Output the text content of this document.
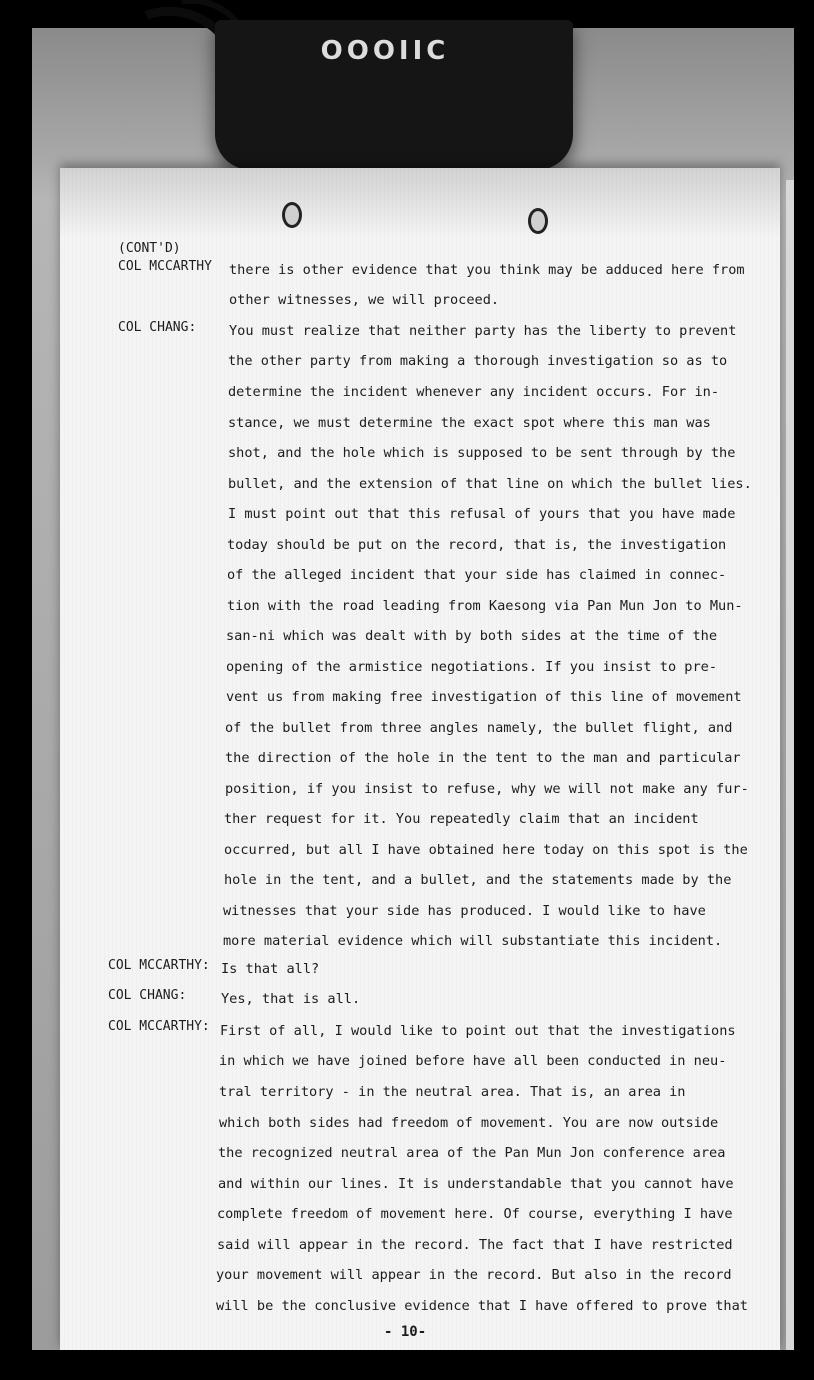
OOOIIC
(CONT'D)
COL MCCARTHY
COL CHANG:
COL MCCARTHY:
COL CHANG:
COL MCCARTHY:
there is other evidence that you think may be adduced here from
other witnesses, we will proceed.
You must realize that neither party has the liberty to prevent
the other party from making a thorough investigation so as to
determine the incident whenever any incident occurs. For in-
stance, we must determine the exact spot where this man was
shot, and the hole which is supposed to be sent through by the
bullet, and the extension of that line on which the bullet lies.
I must point out that this refusal of yours that you have made
today should be put on the record, that is, the investigation
of the alleged incident that your side has claimed in connec-
tion with the road leading from Kaesong via Pan Mun Jon to Mun-
san-ni which was dealt with by both sides at the time of the
opening of the armistice negotiations. If you insist to pre-
vent us from making free investigation of this line of movement
of the bullet from three angles namely, the bullet flight, and
the direction of the hole in the tent to the man and particular
position, if you insist to refuse, why we will not make any fur-
ther request for it. You repeatedly claim that an incident
occurred, but all I have obtained here today on this spot is the
hole in the tent, and a bullet, and the statements made by the
witnesses that your side has produced. I would like to have
more material evidence which will substantiate this incident.
Is that all?
Yes, that is all.
First of all, I would like to point out that the investigations
in which we have joined before have all been conducted in neu-
tral territory - in the neutral area. That is, an area in
which both sides had freedom of movement. You are now outside
the recognized neutral area of the Pan Mun Jon conference area
and within our lines. It is understandable that you cannot have
complete freedom of movement here. Of course, everything I have
said will appear in the record. The fact that I have restricted
your movement will appear in the record. But also in the record
will be the conclusive evidence that I have offered to prove that
- 10-
